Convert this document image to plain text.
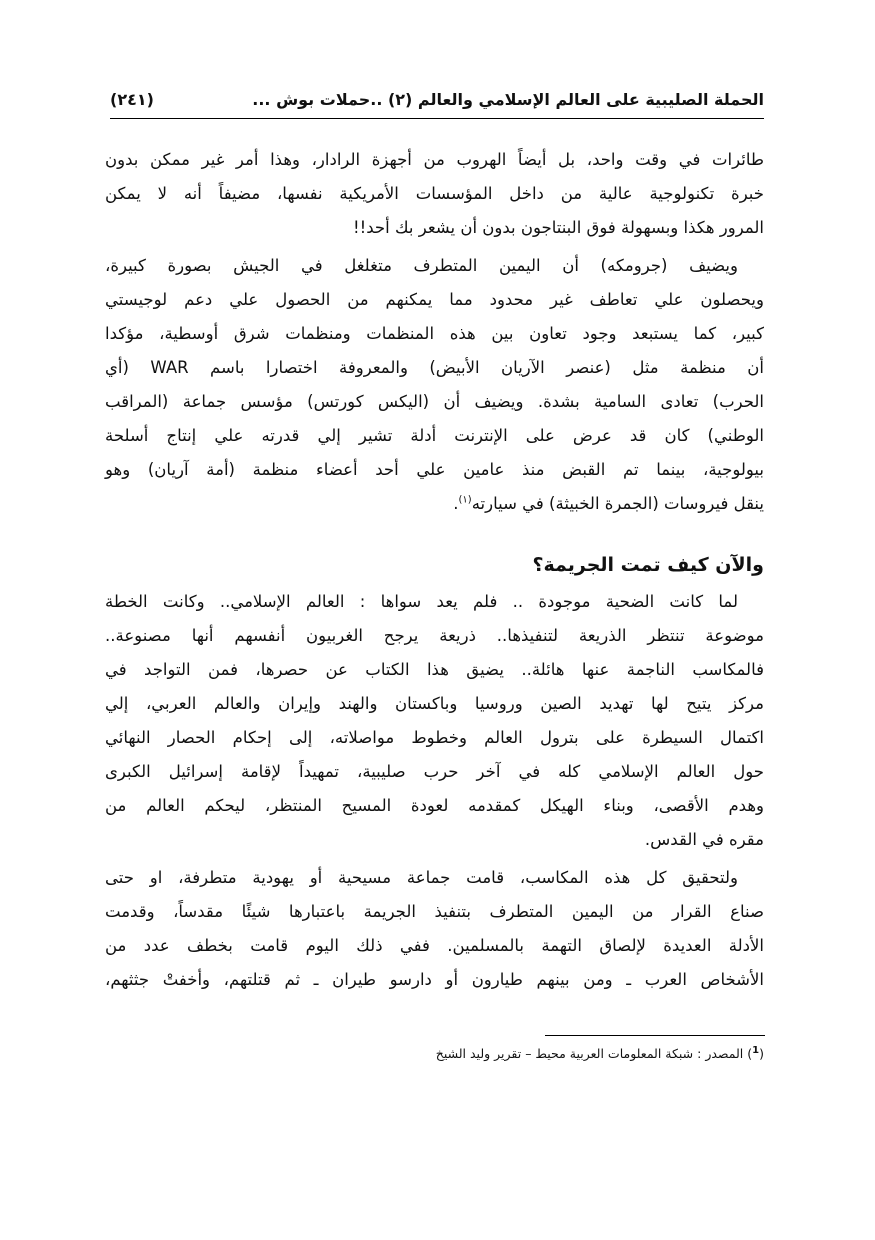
الحملة الصليبية على العالم الإسلامي والعالم (٢) ..حملات بوش ...
(٢٤١)
طائرات في وقت واحد، بل أيضاً الهروب من أجهزة الرادار، وهذا أمر غير ممكن بدون
خبرة تكنولوجية عالية من داخل المؤسسات الأمريكية نفسها، مضيفاً أنه لا يمكن
المرور هكذا وبسهولة فوق البنتاجون بدون أن يشعر بك أحد!!
ويضيف (جرومكه) أن اليمين المتطرف متغلغل في الجيش بصورة كبيرة،
ويحصلون علي تعاطف غير محدود مما يمكنهم من الحصول علي دعم لوجيستي
كبير، كما يستبعد وجود تعاون بين هذه المنظمات ومنظمات شرق أوسطية، مؤكدا
أن منظمة مثل (عنصر الآريان الأبيض) والمعروفة اختصارا باسم WAR (أي
الحرب) تعادى السامية بشدة. ويضيف أن (اليكس كورتس) مؤسس جماعة (المراقب
الوطني) كان قد عرض على الإنترنت أدلة تشير إلي قدرته علي إنتاج أسلحة
بيولوجية، بينما تم القبض منذ عامين علي أحد أعضاء منظمة (أمة آريان) وهو
ينقل فيروسات (الجمرة الخبيثة) في سيارته$^{(١)}$.
والآن كيف تمت الجريمة؟
لما كانت الضحية موجودة .. فلم يعد سواها : العالم الإسلامي.. وكانت الخطة
موضوعة تنتظر الذريعة لتنفيذها.. ذريعة يرجح الغربيون أنفسهم أنها مصنوعة..
فالمكاسب الناجمة عنها هائلة.. يضيق هذا الكتاب عن حصرها، فمن التواجد في
مركز يتيح لها تهديد الصين وروسيا وباكستان والهند وإيران والعالم العربي، إلي
اكتمال السيطرة على بترول العالم وخطوط مواصلاته، إلى إحكام الحصار النهائي
حول العالم الإسلامي كله في آخر حرب صليبية، تمهيداً لإقامة إسرائيل الكبرى
وهدم الأقصى، وبناء الهيكل كمقدمه لعودة المسيح المنتظر، ليحكم العالم من
مقره في القدس.
ولتحقيق كل هذه المكاسب، قامت جماعة مسيحية أو يهودية متطرفة، او حتى
صناع القرار من اليمين المتطرف بتنفيذ الجريمة باعتبارها شيئًا مقدساً، وقدمت
الأدلة العديدة لإلصاق التهمة بالمسلمين. ففي ذلك اليوم قامت بخطف عدد من
الأشخاص العرب ـ ومن بينهم طيارون أو دارسو طيران ـ ثم قتلتهم، وأخفتْ جثثهم،
($^1$) المصدر : شبكة المعلومات العربية محيط – تقرير وليد الشيخ
